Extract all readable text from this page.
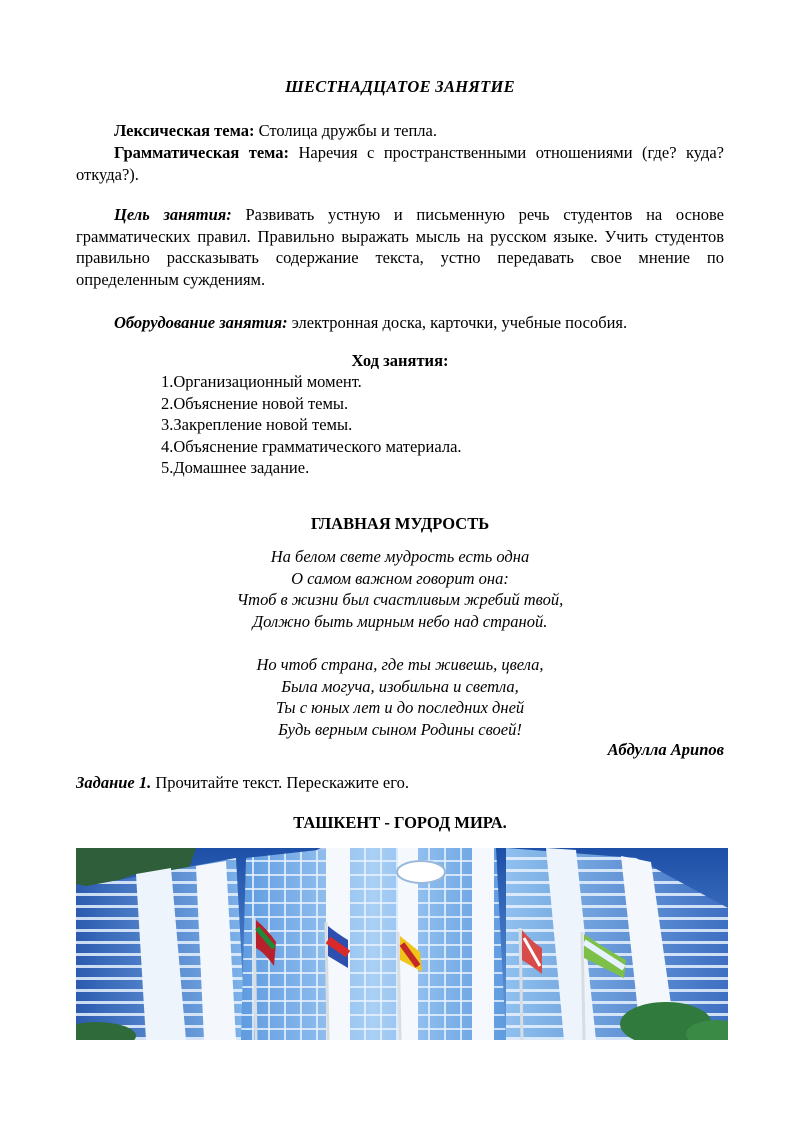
ШЕСТНАДЦАТОЕ ЗАНЯТИЕ
Лексическая тема: Столица дружбы и тепла.
Грамматическая тема: Наречия с пространственными отношениями (где? куда? откуда?).
Цель занятия: Развивать устную и письменную речь студентов на основе грамматических правил. Правильно выражать мысль на русском языке. Учить студентов правильно рассказывать содержание текста, устно передавать свое мнение по определенным суждениям.
Оборудование занятия: электронная доска, карточки, учебные пособия.
Ход занятия:
1.Организационный момент.
2.Объяснение новой темы.
3.Закрепление новой темы.
4.Объяснение грамматического материала.
5.Домашнее задание.
ГЛАВНАЯ МУДРОСТЬ
На белом свете мудрость есть одна
О самом важном говорит она:
Чтоб в жизни был счастливым жребий твой,
Должно быть мирным небо над страной.
Но чтоб страна, где ты живешь, цвела,
Была могуча, изобильна и светла,
Ты с юных лет и до последних дней
Будь верным сыном Родины своей!
Абдулла Арипов
Задание 1. Прочитайте текст. Перескажите его.
ТАШКЕНТ - ГОРОД МИРА.
